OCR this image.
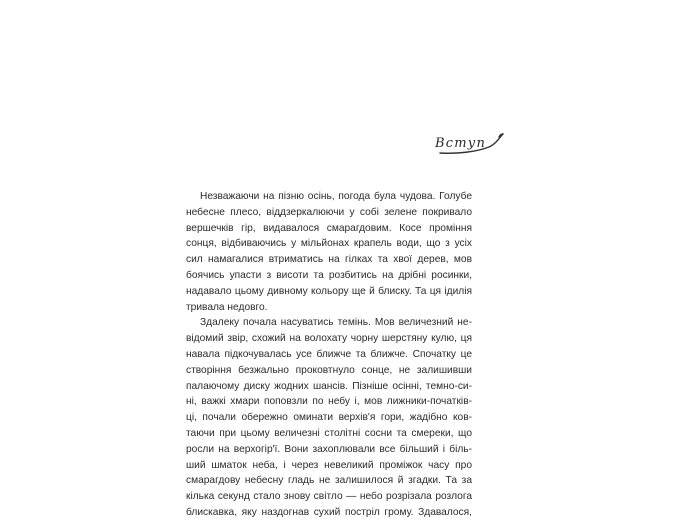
Вступ
Незважаючи на пізню осінь, погода була чудова. Голубе
небесне плесо, віддзеркалюючи у собі зелене покривало
вершечків гір, видавалося смарагдовим. Косе проміння
сонця, відбиваючись у мільйонах крапель води, що з усіх
сил намагалися втриматись на гілках та хвої дерев, мов
боячись упасти з висоти та розбитись на дрібні росинки,
надавало цьому дивному кольору ще й блиску. Та ця ідилія
тривала недовго.
Здалеку почала насуватись темінь. Мов величезний не-
відомий звір, схожий на волохату чорну шерстяну кулю, ця
навала підкочувалась усе ближче та ближче. Спочатку це
створіння безжально проковтнуло сонце, не залишивши
палаючому диску жодних шансів. Пізніше осінні, темно-си-
ні, важкі хмари поповзли по небу і, мов лижники-початків-
ці, почали обережно оминати верхів'я гори, жадібно ков-
таючи при цьому величезні столітні сосни та смереки, що
росли на верхогір'ї. Вони захоплювали все більший і біль-
ший шматок неба, і через невеликий проміжок часу про
смарагдову небесну гладь не залишилося й згадки. Та за
кілька секунд стало знову світло — небо розрізала розлога
блискавка, яку наздогнав сухий постріл грому. Здавалося,
